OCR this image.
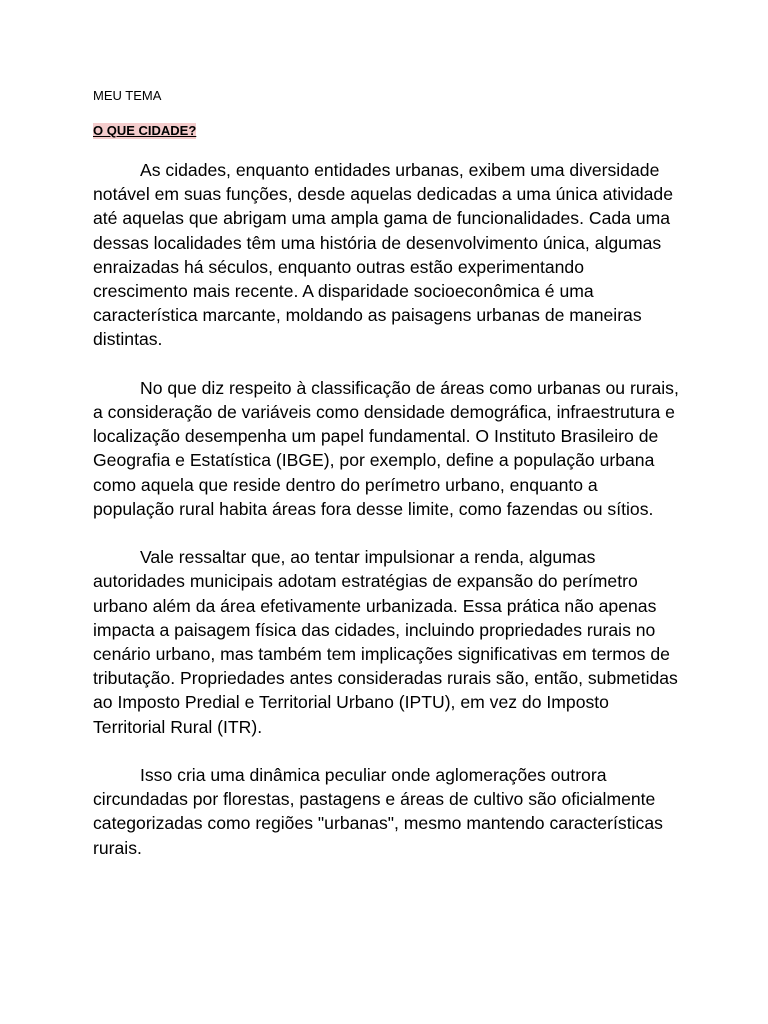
MEU TEMA
O QUE CIDADE?

As cidades, enquanto entidades urbanas, exibem uma diversidade notável em suas funções, desde aquelas dedicadas a uma única atividade até aquelas que abrigam uma ampla gama de funcionalidades. Cada uma dessas localidades têm uma história de desenvolvimento única, algumas enraizadas há séculos, enquanto outras estão experimentando crescimento mais recente. A disparidade socioeconômica é uma característica marcante, moldando as paisagens urbanas de maneiras distintas.

No que diz respeito à classificação de áreas como urbanas ou rurais, a consideração de variáveis como densidade demográfica, infraestrutura e localização desempenha um papel fundamental. O Instituto Brasileiro de Geografia e Estatística (IBGE), por exemplo, define a população urbana como aquela que reside dentro do perímetro urbano, enquanto a população rural habita áreas fora desse limite, como fazendas ou sítios.

Vale ressaltar que, ao tentar impulsionar a renda, algumas autoridades municipais adotam estratégias de expansão do perímetro urbano além da área efetivamente urbanizada. Essa prática não apenas impacta a paisagem física das cidades, incluindo propriedades rurais no cenário urbano, mas também tem implicações significativas em termos de tributação. Propriedades antes consideradas rurais são, então, submetidas ao Imposto Predial e Territorial Urbano (IPTU), em vez do Imposto Territorial Rural (ITR).

Isso cria uma dinâmica peculiar onde aglomerações outrora circundadas por florestas, pastagens e áreas de cultivo são oficialmente categorizadas como regiões "urbanas", mesmo mantendo características rurais.
